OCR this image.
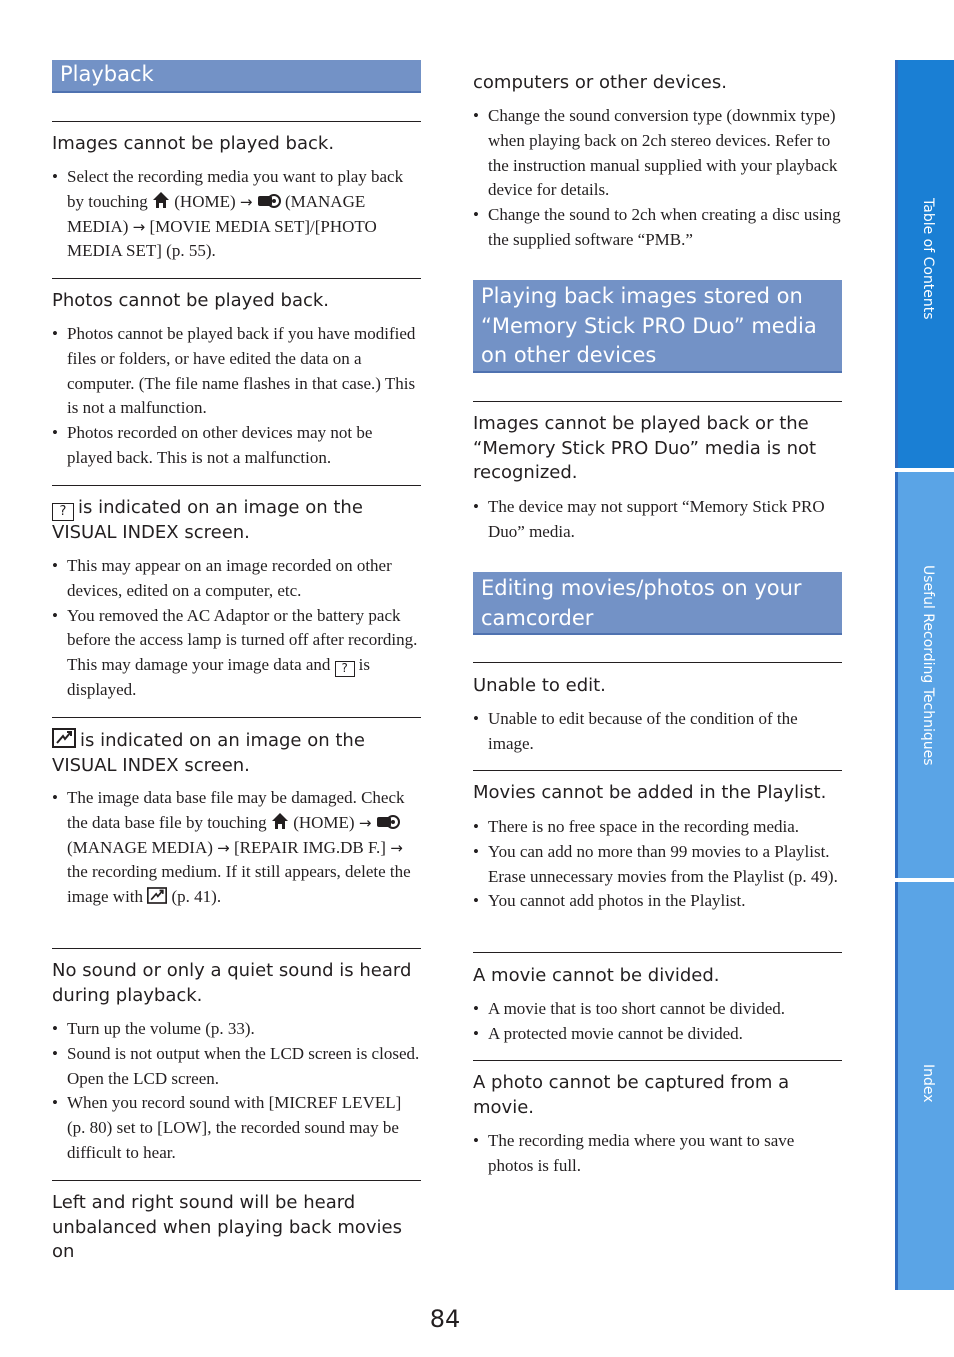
Playback
Images cannot be played back.
• Select the recording media you want to play back by touching (HOME) → (MANAGE MEDIA) → [MOVIE MEDIA SET]/[PHOTO MEDIA SET] (p. 55).
Photos cannot be played back.
• Photos cannot be played back if you have modified files or folders, or have edited the data on a computer. (The file name flashes in that case.) This is not a malfunction.
• Photos recorded on other devices may not be played back. This is not a malfunction.
? is indicated on an image on the VISUAL INDEX screen.
• This may appear on an image recorded on other devices, edited on a computer, etc.
• You removed the AC Adaptor or the battery pack before the access lamp is turned off after recording. This may damage your image data and ? is displayed.
is indicated on an image on the VISUAL INDEX screen.
• The image data base file may be damaged. Check the data base file by touching (HOME) →  (MANAGE MEDIA) → [REPAIR IMG.DB F.] → the recording medium. If it still appears, delete the image with (p. 41).
No sound or only a quiet sound is heard during playback.
• Turn up the volume (p. 33).
• Sound is not output when the LCD screen is closed. Open the LCD screen.
• When you record sound with [MICREF LEVEL] (p. 80) set to [LOW], the recorded sound may be difficult to hear.
Left and right sound will be heard unbalanced when playing back movies on
computers or other devices.
• Change the sound conversion type (downmix type) when playing back on 2ch stereo devices. Refer to the instruction manual supplied with your playback device for details.
• Change the sound to 2ch when creating a disc using the supplied software “PMB.”
Playing back images stored on “Memory Stick PRO Duo” media on other devices
Images cannot be played back or the “Memory Stick PRO Duo” media is not recognized.
• The device may not support “Memory Stick PRO Duo” media.
Editing movies/photos on your camcorder
Unable to edit.
• Unable to edit because of the condition of the image.
Movies cannot be added in the Playlist.
• There is no free space in the recording media.
• You can add no more than 99 movies to a Playlist. Erase unnecessary movies from the Playlist (p. 49).
• You cannot add photos in the Playlist.
A movie cannot be divided.
• A movie that is too short cannot be divided.
• A protected movie cannot be divided.
A photo cannot be captured from a movie.
• The recording media where you want to save photos is full.
Table of Contents
Useful Recording Techniques
Index
84
